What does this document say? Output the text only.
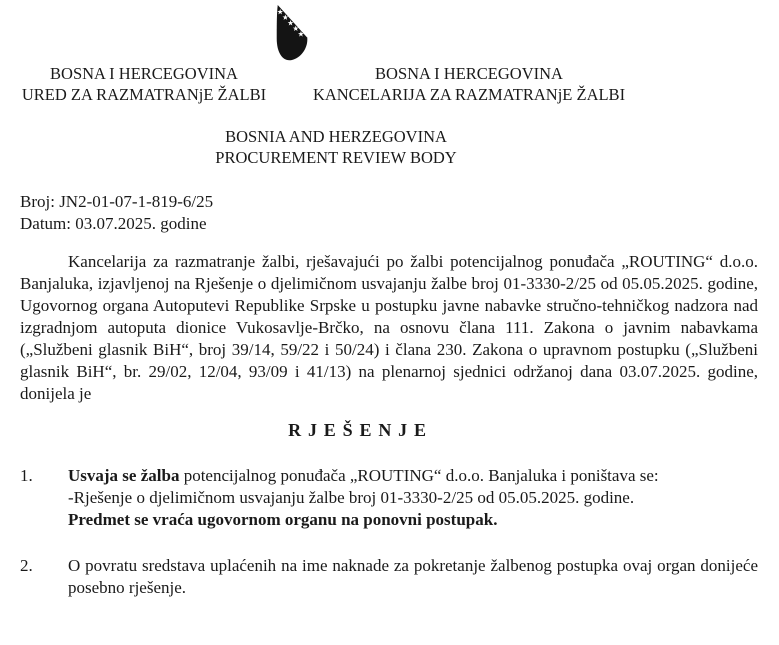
BOSNA I HERCEGOVINA
URED ZA RAZMATRANjE ŽALBI
BOSNA I HERCEGOVINA
KANCELARIJA ZA RAZMATRANjE ŽALBI
BOSNIA AND HERZEGOVINA
PROCUREMENT REVIEW BODY
Broj: JN2-01-07-1-819-6/25
Datum: 03.07.2025. godine

Kancelarija za razmatranje žalbi, rješavajući po žalbi potencijalnog ponuđača „ROUTING“ d.o.o. Banjaluka, izjavljenoj na Rješenje o djelimičnom usvajanju žalbe broj 01-3330-2/25 od 05.05.2025. godine, Ugovornog organa Autoputevi Republike Srpske u postupku javne nabavke stručno-tehničkog nadzora nad izgradnjom autoputa dionice Vukosavlje-Brčko, na osnovu člana 111. Zakona o javnim nabavkama („Službeni glasnik BiH“, broj 39/14, 59/22 i 50/24) i člana 230. Zakona o upravnom postupku („Službeni glasnik BiH“, br. 29/02, 12/04, 93/09 i 41/13) na plenarnoj sjednici održanoj dana 03.07.2025. godine, donijela je

RJEŠENJE
1.	Usvaja se žalba potencijalnog ponuđača „ROUTING“ d.o.o. Banjaluka i poništava se:

-Rješenje o djelimičnom usvajanju žalbe broj 01-3330-2/25 od 05.05.2025. godine.

Predmet se vraća ugovornom organu na ponovni postupak.

2.	O povratu sredstava uplaćenih na ime naknade za pokretanje žalbenog postupka ovaj organ donijeće posebno rješenje.
